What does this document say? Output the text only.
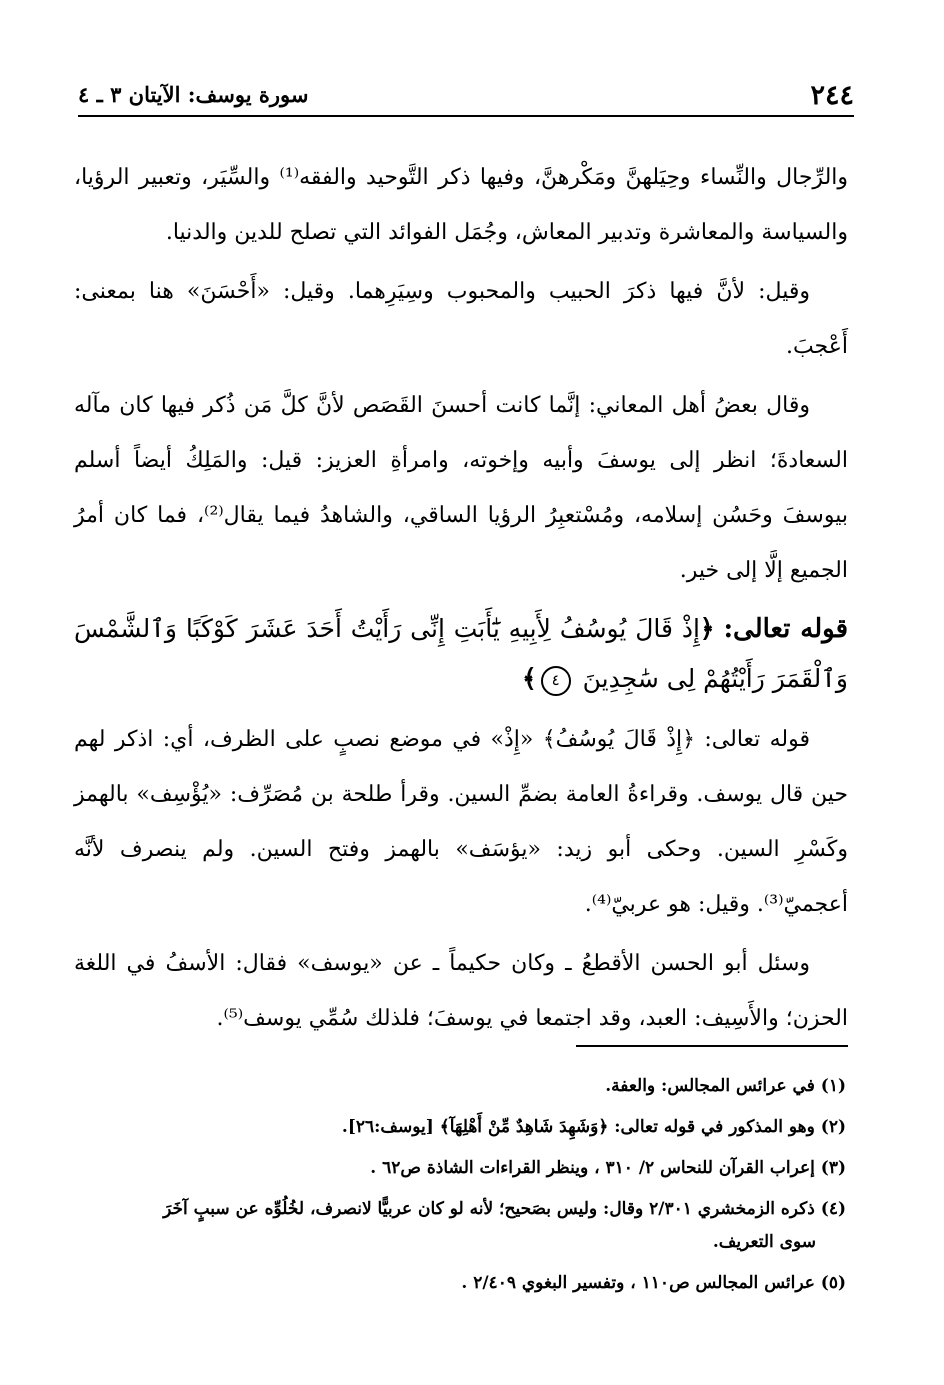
٢٤٤
سورة يوسف: الآيتان ٣ ـ ٤

والرِّجال والنِّساء وحِيَلهنَّ ومَكْرهنَّ، وفيها ذكر التَّوحيد والفقه⁽¹⁾ والسِّيَر، وتعبير الرؤيا، والسياسة والمعاشرة وتدبير المعاش، وجُمَل الفوائد التي تصلح للدين والدنيا.

وقيل: لأنَّ فيها ذكرَ الحبيب والمحبوب وسِيَرِهما. وقيل: «أَحْسَنَ» هنا بمعنى: أَعْجبَ.

وقال بعضُ أهل المعاني: إنَّما كانت أحسنَ القَصَص لأنَّ كلَّ مَن ذُكر فيها كان مآله السعادةَ؛ انظر إلى يوسفَ وأبيه وإخوته، وامرأةِ العزيز: قيل: والمَلِكُ أيضاً أسلم بيوسفَ وحَسُن إسلامه، ومُسْتعبِرُ الرؤيا الساقي، والشاهدُ فيما يقال⁽²⁾، فما كان أمرُ الجميع إلَّا إلى خير.

قوله تعالى: ﴿إِذْ قَالَ يُوسُفُ لِأَبِيهِ يَٰٓأَبَتِ إِنِّى رَأَيْتُ أَحَدَ عَشَرَ كَوْكَبًا وَٱلشَّمْسَ وَٱلْقَمَرَ رَأَيْتُهُمْ لِى سَٰجِدِينَ ٤﴾

قوله تعالى: ﴿إِذْ قَالَ يُوسُفُ﴾ «إِذْ» في موضع نصبٍ على الظرف، أي: اذكر لهم حين قال يوسف. وقراءةُ العامة بضمِّ السين. وقرأ طلحة بن مُصَرِّف: «يُؤْسِف» بالهمز وكَسْرِ السين. وحكى أبو زيد: «يؤسَف» بالهمز وفتح السين. ولم ينصرف لأنَّه أعجميّ⁽³⁾. وقيل: هو عربيّ⁽⁴⁾.

وسئل أبو الحسن الأقطعُ ـ وكان حكيماً ـ عن «يوسف» فقال: الأسفُ في اللغة الحزن؛ والأَسِيف: العبد، وقد اجتمعا في يوسفَ؛ فلذلك سُمِّي يوسف⁽⁵⁾.

(١) في عرائس المجالس: والعفة.
(٢) وهو المذكور في قوله تعالى: ﴿وَشَهِدَ شَاهِدٌ مِّنْ أَهْلِهَآ﴾ [يوسف:٢٦].
(٣) إعراب القرآن للنحاس ٢/ ٣١٠ ، وينظر القراءات الشاذة ص٦٢ .
(٤) ذكره الزمخشري ٢/٣٠١ وقال: وليس بصَحيح؛ لأنه لو كان عربيًّا لانصرف، لخُلُوِّه عن سببٍ آخَرَ
سوى التعريف.
(٥) عرائس المجالس ص١١٠ ، وتفسير البغوي ٢/٤٠٩ .
